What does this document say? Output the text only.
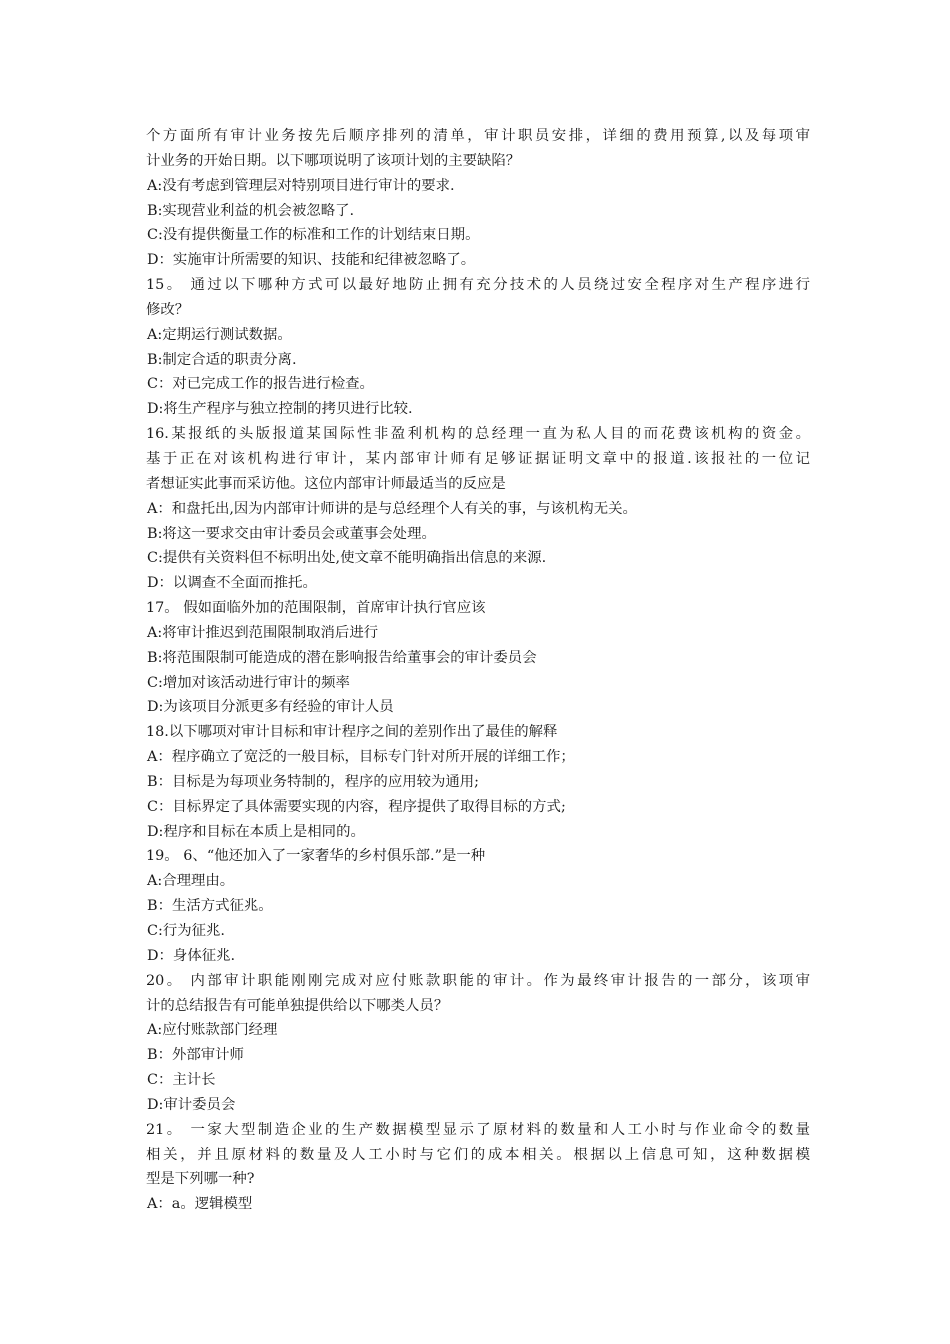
个方面所有审计业务按先后顺序排列的清单，审计职员安排，详细的费用预算,以及每项审
计业务的开始日期。以下哪项说明了该项计划的主要缺陷？
A:没有考虑到管理层对特别项目进行审计的要求.
B:实现营业利益的机会被忽略了.
C:没有提供衡量工作的标准和工作的计划结束日期。
D：实施审计所需要的知识、技能和纪律被忽略了。
15。 通过以下哪种方式可以最好地防止拥有充分技术的人员绕过安全程序对生产程序进行
修改？
A:定期运行测试数据。
B:制定合适的职责分离.
C：对已完成工作的报告进行检查。
D:将生产程序与独立控制的拷贝进行比较.
16.某报纸的头版报道某国际性非盈利机构的总经理一直为私人目的而花费该机构的资金。
基于正在对该机构进行审计，某内部审计师有足够证据证明文章中的报道.该报社的一位记
者想证实此事而采访他。这位内部审计师最适当的反应是
A：和盘托出,因为内部审计师讲的是与总经理个人有关的事，与该机构无关。
B:将这一要求交由审计委员会或董事会处理。
C:提供有关资料但不标明出处,使文章不能明确指出信息的来源.
D：以调查不全面而推托。
17。 假如面临外加的范围限制，首席审计执行官应该
A:将审计推迟到范围限制取消后进行
B:将范围限制可能造成的潜在影响报告给董事会的审计委员会
C:增加对该活动进行审计的频率
D:为该项目分派更多有经验的审计人员
18.以下哪项对审计目标和审计程序之间的差别作出了最佳的解释
A：程序确立了宽泛的一般目标，目标专门针对所开展的详细工作；
B：目标是为每项业务特制的，程序的应用较为通用;
C：目标界定了具体需要实现的内容，程序提供了取得目标的方式;
D:程序和目标在本质上是相同的。
19。 6、“他还加入了一家奢华的乡村俱乐部.”是一种
A:合理理由。
B：生活方式征兆。
C:行为征兆.
D：身体征兆.
20。 内部审计职能刚刚完成对应付账款职能的审计。作为最终审计报告的一部分，该项审
计的总结报告有可能单独提供给以下哪类人员？
A:应付账款部门经理
B：外部审计师
C：主计长
D:审计委员会
21。 一家大型制造企业的生产数据模型显示了原材料的数量和人工小时与作业命令的数量
相关，并且原材料的数量及人工小时与它们的成本相关。根据以上信息可知，这种数据模
型是下列哪一种?
A：a。逻辑模型
